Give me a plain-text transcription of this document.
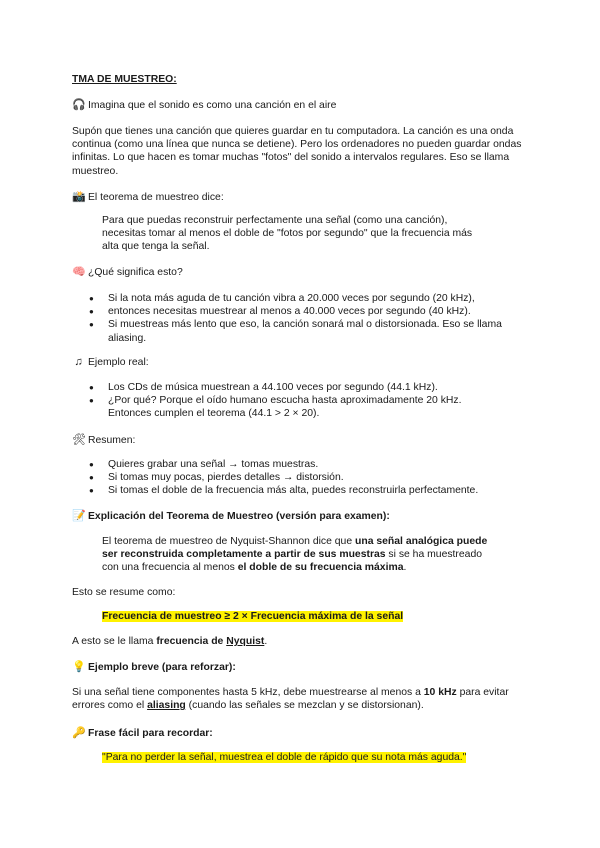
TMA DE MUESTREO:
🎧 Imagina que el sonido es como una canción en el aire
Supón que tienes una canción que quieres guardar en tu computadora. La canción es una onda continua (como una línea que nunca se detiene). Pero los ordenadores no pueden guardar ondas infinitas. Lo que hacen es tomar muchas "fotos" del sonido a intervalos regulares. Eso se llama muestreo.
📸 El teorema de muestreo dice:
Para que puedas reconstruir perfectamente una señal (como una canción), necesitas tomar al menos el doble de "fotos por segundo" que la frecuencia más alta que tenga la señal.
🧠 ¿Qué significa esto?
● Si la nota más aguda de tu canción vibra a 20.000 veces por segundo (20 kHz),
● entonces necesitas muestrear al menos a 40.000 veces por segundo (40 kHz).
● Si muestreas más lento que eso, la canción sonará mal o distorsionada. Eso se llama aliasing.
♫ Ejemplo real:
● Los CDs de música muestrean a 44.100 veces por segundo (44.1 kHz).
● ¿Por qué? Porque el oído humano escucha hasta aproximadamente 20 kHz. Entonces cumplen el teorema (44.1 > 2 × 20).
🛠 Resumen:
● Quieres grabar una señal → tomas muestras.
● Si tomas muy pocas, pierdes detalles → distorsión.
● Si tomas el doble de la frecuencia más alta, puedes reconstruirla perfectamente.
📝 Explicación del Teorema de Muestreo (versión para examen):
El teorema de muestreo de Nyquist-Shannon dice que una señal analógica puede ser reconstruida completamente a partir de sus muestras si se ha muestreado con una frecuencia al menos el doble de su frecuencia máxima.
Esto se resume como:
Frecuencia de muestreo ≥ 2 × Frecuencia máxima de la señal
A esto se le llama frecuencia de Nyquist.
💡 Ejemplo breve (para reforzar):
Si una señal tiene componentes hasta 5 kHz, debe muestrearse al menos a 10 kHz para evitar errores como el aliasing (cuando las señales se mezclan y se distorsionan).
🔑 Frase fácil para recordar:
"Para no perder la señal, muestrea el doble de rápido que su nota más aguda."
